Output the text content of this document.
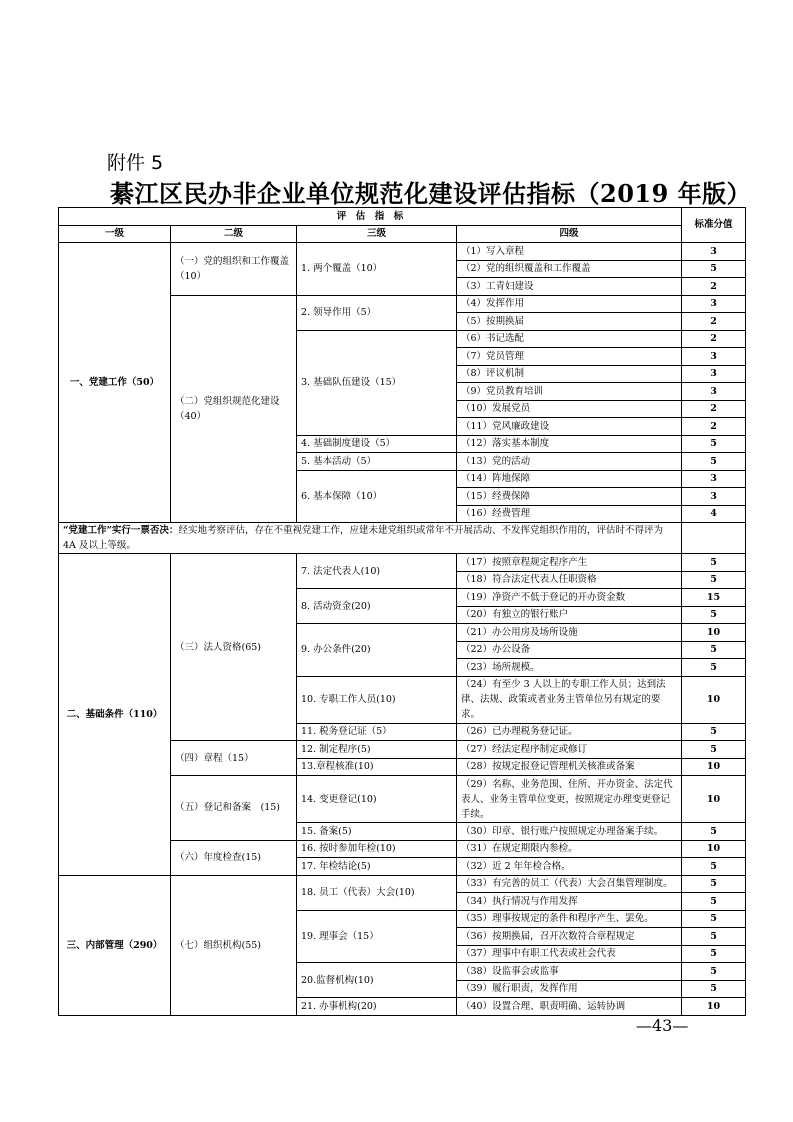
附件 5
綦江区民办非企业单位规范化建设评估指标（2019 年版）
评　估　指　标				标准分值
一级	二级	三级	四级	
一、党建工作（50）	（一）党的组织和工作覆盖（10）	1. 两个覆盖（10）	（1）写入章程	3
			（2）党的组织覆盖和工作覆盖	5
			（3）工青妇建设	2
	（二）党组织规范化建设（40）	2. 领导作用（5）	（4）发挥作用	3
			（5）按期换届	2
		3. 基础队伍建设（15）	（6）书记选配	2
			（7）党员管理	3
			（8）评议机制	3
			（9）党员教育培训	3
			（10）发展党员	2
			（11）党风廉政建设	2
		4. 基础制度建设（5）	（12）落实基本制度	5
		5. 基本活动（5）	（13）党的活动	5
		6. 基本保障（10）	（14）阵地保障	3
			（15）经费保障	3
			（16）经费管理	4
“党建工作”实行一票否决：经实地考察评估，存在不重视党建工作，应建未建党组织或常年不开展活动、不发挥党组织作用的，评估时不得评为 4A 及以上等级。				
二、基础条件（110）	（三）法人资格(65)	7. 法定代表人(10)	（17）按照章程规定程序产生	5
			（18）符合法定代表人任职资格	5
		8. 活动资金(20)	（19）净资产不低于登记的开办资金数	15
			（20）有独立的银行账户	5
		9. 办公条件(20)	（21）办公用房及场所设施	10
			（22）办公设备	5
			（23）场所规模。	5
		10. 专职工作人员(10)	（24）有至少 3 人以上的专职工作人员；达到法律、法规、政策或者业务主管单位另有规定的要求。	10
		11. 税务登记证（5）	（26）已办理税务登记证。	5
	（四）章程（15）	12. 制定程序(5)	（27）经法定程序制定或修订	5
		13.章程核准(10)	（28）按规定报登记管理机关核准或备案	10
	（五）登记和备案　(15)	14. 变更登记(10)	（29）名称、业务范围、住所、开办资金、法定代表人、业务主管单位变更，按照规定办理变更登记手续。	10
		15. 备案(5)	（30）印章、银行账户按照规定办理备案手续。	5
	（六）年度检查(15)	16. 按时参加年检(10)	（31）在规定期限内参检。	10
		17. 年检结论(5)	（32）近 2 年年检合格。	5
三、内部管理（290）	（七）组织机构(55)	18. 员工（代表）大会(10)	（33）有完善的员工（代表）大会召集管理制度。	5
			（34）执行情况与作用发挥	5
		19. 理事会（15）	（35）理事按规定的条件和程序产生、罢免。	5
			（36）按期换届，召开次数符合章程规定	5
			（37）理事中有职工代表或社会代表	5
		20.监督机构(10)	（38）设监事会或监事	5
			（39）履行职责，发挥作用	5
		21. 办事机构(20)	（40）设置合理、职责明确、运转协调	10
—43—
